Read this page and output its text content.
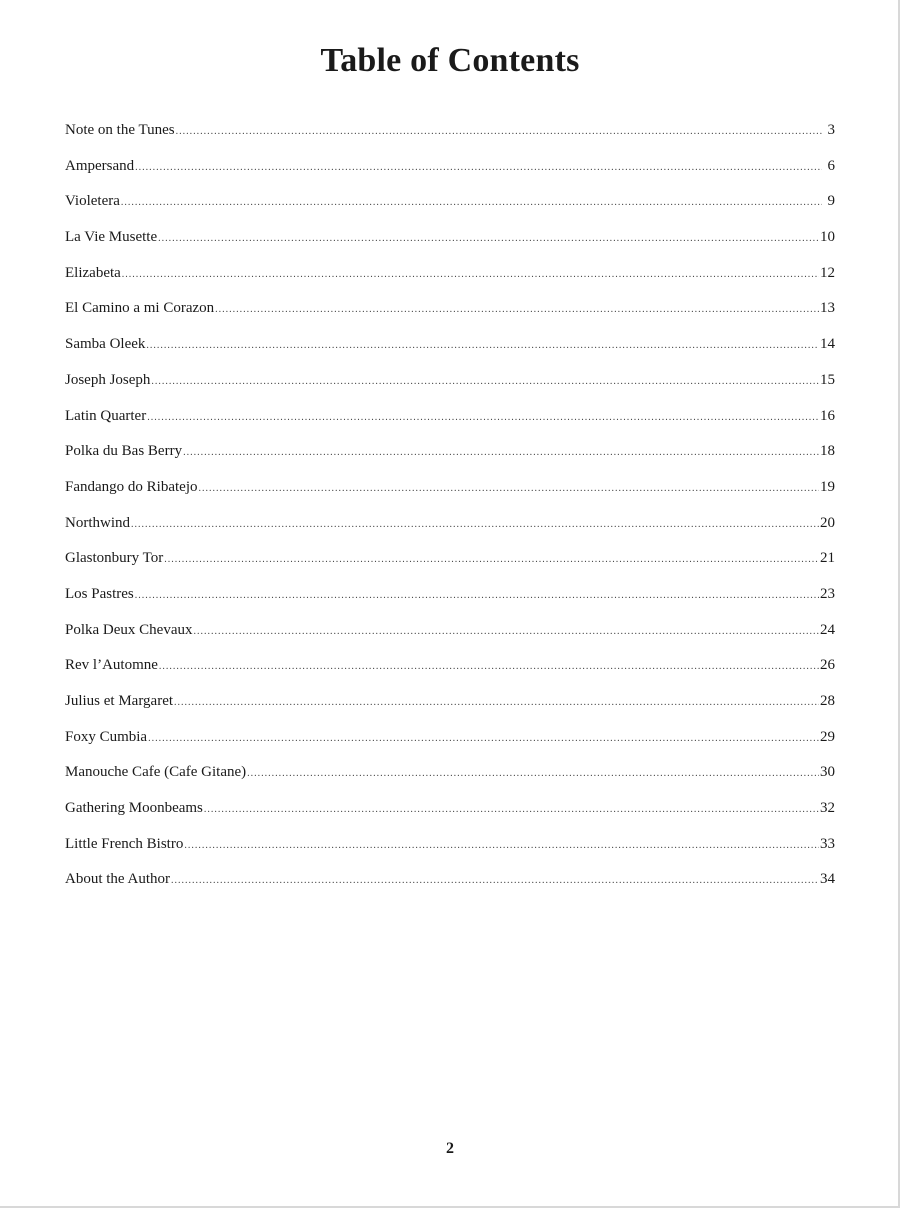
Table of Contents
Note on the Tunes .....	3
Ampersand .....	6
Violetera .....	9
La Vie Musette .....	10
Elizabeta .....	12
El Camino a mi Corazon .....	13
Samba Oleek .....	14
Joseph Joseph .....	15
Latin Quarter .....	16
Polka du Bas Berry .....	18
Fandango do Ribatejo .....	19
Northwind .....	20
Glastonbury Tor .....	21
Los Pastres .....	23
Polka Deux Chevaux .....	24
Rev l’Automne .....	26
Julius et Margaret .....	28
Foxy Cumbia .....	29
Manouche Cafe (Cafe Gitane) .....	30
Gathering Moonbeams .....	32
Little French Bistro .....	33
About the Author .....	34

2
